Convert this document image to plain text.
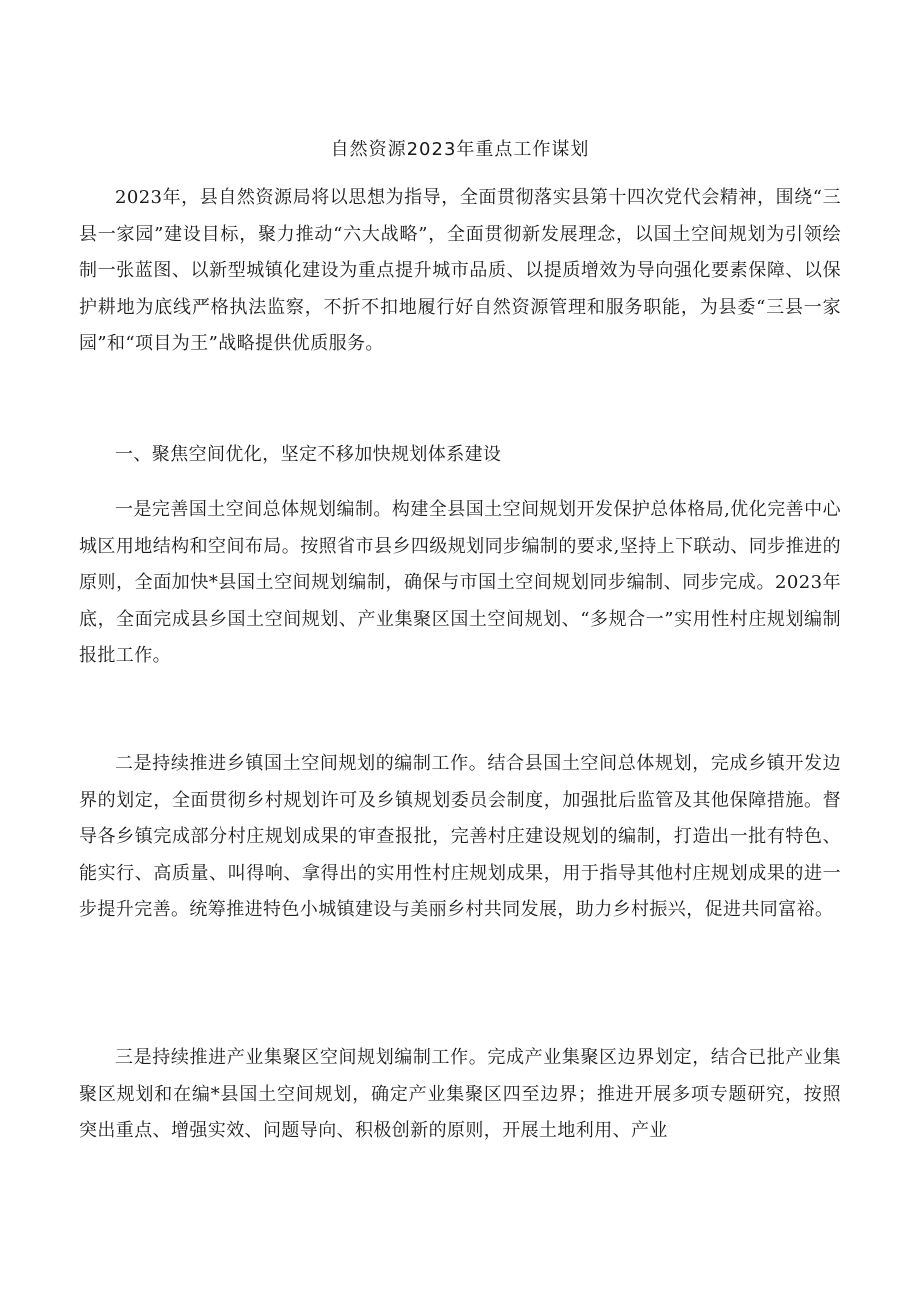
自然资源2023年重点工作谋划

2023年，县自然资源局将以思想为指导，全面贯彻落实县第十四次党代会精神，围绕“三县一家园”建设目标，聚力推动“六大战略”，全面贯彻新发展理念，以国土空间规划为引领绘制一张蓝图、以新型城镇化建设为重点提升城市品质、以提质增效为导向强化要素保障、以保护耕地为底线严格执法监察，不折不扣地履行好自然资源管理和服务职能，为县委“三县一家园”和“项目为王”战略提供优质服务。

一、聚焦空间优化，坚定不移加快规划体系建设

一是完善国土空间总体规划编制。构建全县国土空间规划开发保护总体格局,优化完善中心城区用地结构和空间布局。按照省市县乡四级规划同步编制的要求,坚持上下联动、同步推进的原则，全面加快*县国土空间规划编制，确保与市国土空间规划同步编制、同步完成。2023年底，全面完成县乡国土空间规划、产业集聚区国土空间规划、“多规合一”实用性村庄规划编制报批工作。

二是持续推进乡镇国土空间规划的编制工作。结合县国土空间总体规划，完成乡镇开发边界的划定，全面贯彻乡村规划许可及乡镇规划委员会制度，加强批后监管及其他保障措施。督导各乡镇完成部分村庄规划成果的审查报批，完善村庄建设规划的编制，打造出一批有特色、能实行、高质量、叫得响、拿得出的实用性村庄规划成果，用于指导其他村庄规划成果的进一步提升完善。统筹推进特色小城镇建设与美丽乡村共同发展，助力乡村振兴，促进共同富裕。

三是持续推进产业集聚区空间规划编制工作。完成产业集聚区边界划定，结合已批产业集聚区规划和在编*县国土空间规划，确定产业集聚区四至边界；推进开展多项专题研究，按照突出重点、增强实效、问题导向、积极创新的原则，开展土地利用、产业
